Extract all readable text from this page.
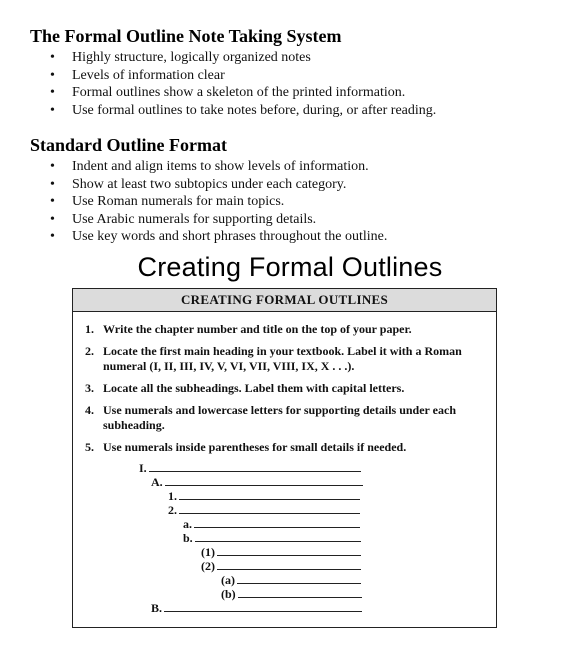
The Formal Outline Note Taking System
• Highly structure, logically organized notes
• Levels of information clear
• Formal outlines show a skeleton of the printed information.
• Use formal outlines to take notes before, during, or after reading.
Standard Outline Format
• Indent and align items to show levels of information.
• Show at least two subtopics under each category.
• Use Roman numerals for main topics.
• Use Arabic numerals for supporting details.
• Use key words and short phrases throughout the outline.
Creating Formal Outlines
CREATING FORMAL OUTLINES
1. Write the chapter number and title on the top of your paper.
2. Locate the first main heading in your textbook. Label it with a Roman numeral (I, II, III, IV, V, VI, VII, VIII, IX, X . . .).
3. Locate all the subheadings. Label them with capital letters.
4. Use numerals and lowercase letters for supporting details under each subheading.
5. Use numerals inside parentheses for small details if needed.
I.
A.
1.
2.
a.
b.
(1)
(2)
(a)
(b)
B.
